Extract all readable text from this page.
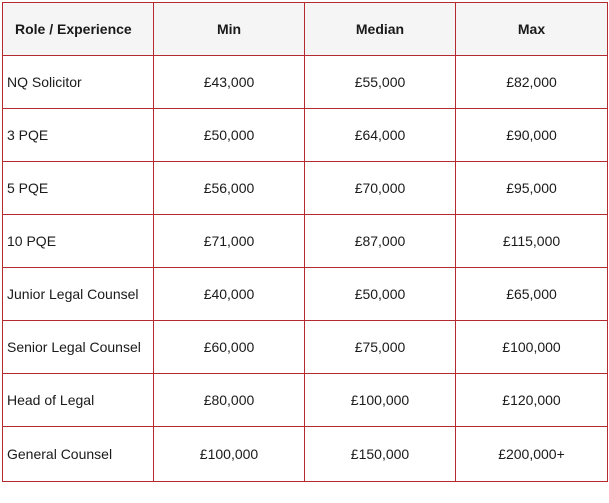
Role / Experience	Min	Median	Max
NQ Solicitor	£43,000	£55,000	£82,000
3 PQE	£50,000	£64,000	£90,000
5 PQE	£56,000	£70,000	£95,000
10 PQE	£71,000	£87,000	£115,000
Junior Legal Counsel	£40,000	£50,000	£65,000
Senior Legal Counsel	£60,000	£75,000	£100,000
Head of Legal	£80,000	£100,000	£120,000
General Counsel	£100,000	£150,000	£200,000+
